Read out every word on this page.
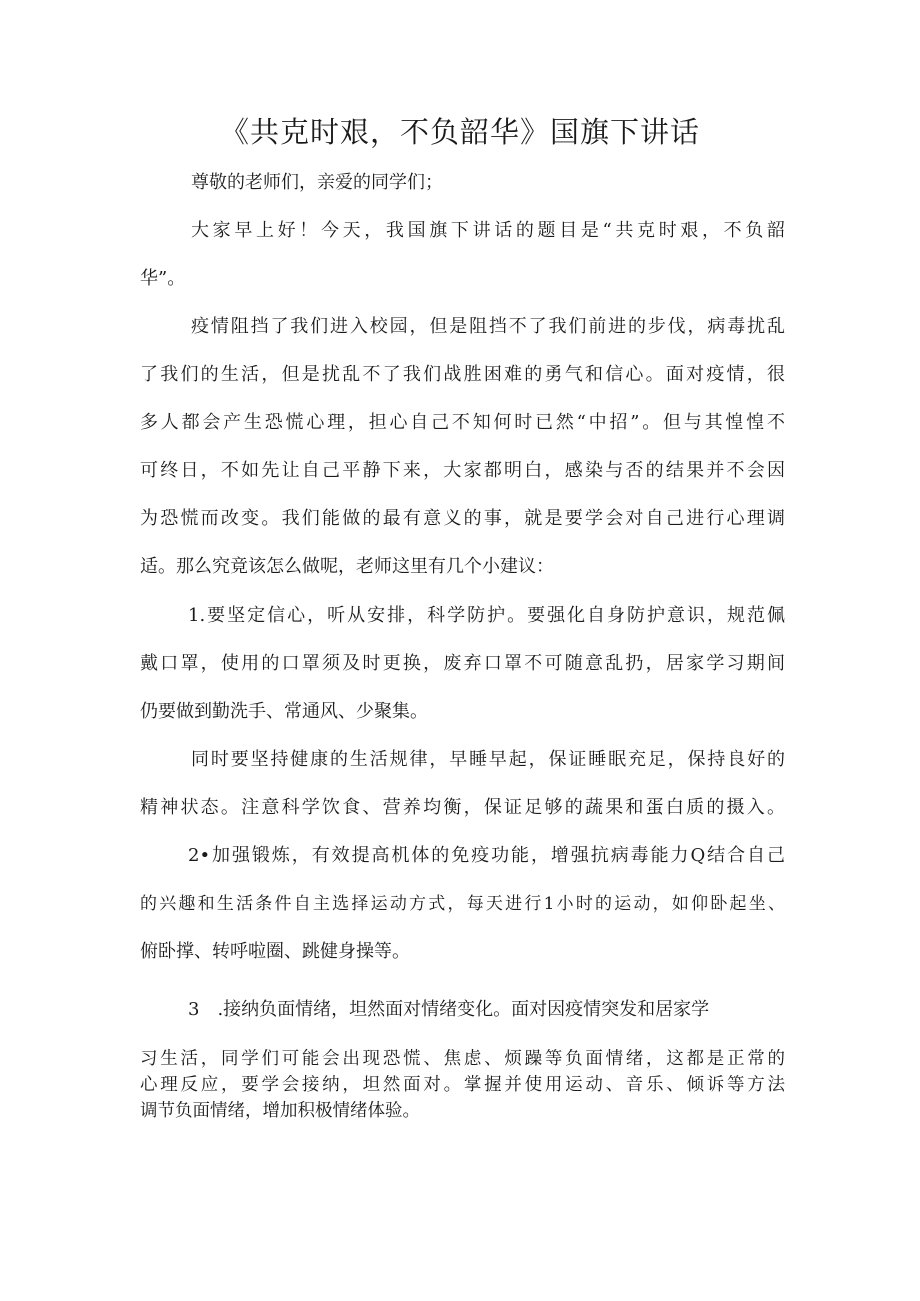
《共克时艰，不负韶华》国旗下讲话
尊敬的老师们，亲爱的同学们；
大家早上好！今天，我国旗下讲话的题目是“共克时艰，不负韶
华”。
疫情阻挡了我们进入校园，但是阻挡不了我们前进的步伐，病毒扰乱
了我们的生活，但是扰乱不了我们战胜困难的勇气和信心。面对疫情，很
多人都会产生恐慌心理，担心自己不知何时已然“中招”。但与其惶惶不
可终日，不如先让自己平静下来，大家都明白，感染与否的结果并不会因
为恐慌而改变。我们能做的最有意义的事，就是要学会对自己进行心理调
适。那么究竟该怎么做呢，老师这里有几个小建议：
1.要坚定信心，听从安排，科学防护。要强化自身防护意识，规范佩
戴口罩，使用的口罩须及时更换，废弃口罩不可随意乱扔，居家学习期间
仍要做到勤洗手、常通风、少聚集。
同时要坚持健康的生活规律，早睡早起，保证睡眠充足，保持良好的
精神状态。注意科学饮食、营养均衡，保证足够的蔬果和蛋白质的摄入。
2•加强锻炼，有效提高机体的免疫功能，增强抗病毒能力Q结合自己
的兴趣和生活条件自主选择运动方式，每天进行1小时的运动，如仰卧起坐、
俯卧撑、转呼啦圈、跳健身操等。
3　.接纳负面情绪，坦然面对情绪变化。面对因疫情突发和居家学
习生活，同学们可能会出现恐慌、焦虑、烦躁等负面情绪，这都是正常的
心理反应，要学会接纳，坦然面对。掌握并使用运动、音乐、倾诉等方法
调节负面情绪，增加积极情绪体验。
